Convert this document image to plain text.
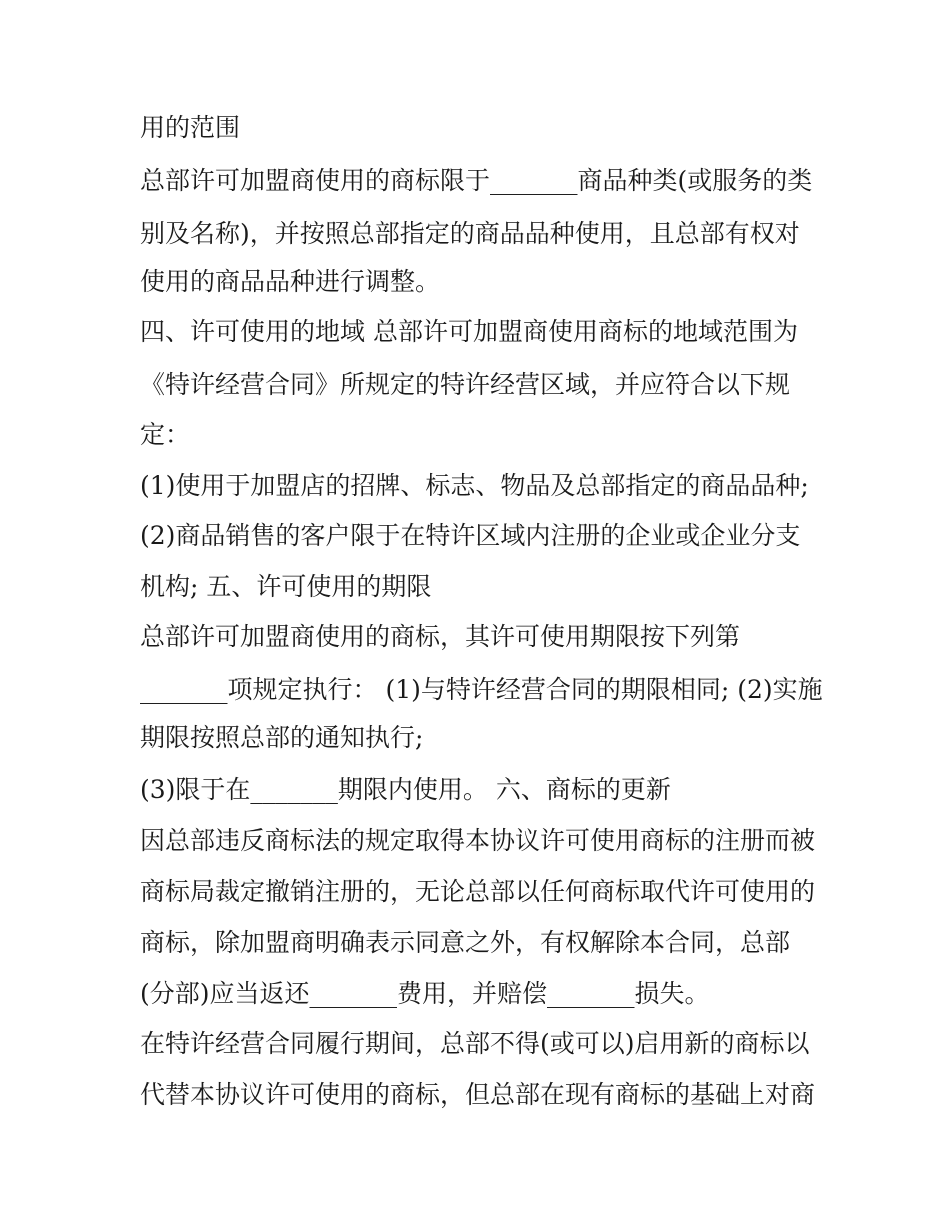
用的范围
总部许可加盟商使用的商标限于_______商品种类(或服务的类
别及名称)，并按照总部指定的商品品种使用，且总部有权对
使用的商品品种进行调整。
四、许可使用的地域 总部许可加盟商使用商标的地域范围为
《特许经营合同》所规定的特许经营区域，并应符合以下规
定：
(1)使用于加盟店的招牌、标志、物品及总部指定的商品品种;
(2)商品销售的客户限于在特许区域内注册的企业或企业分支
机构; 五、许可使用的期限
总部许可加盟商使用的商标，其许可使用期限按下列第
_______项规定执行： (1)与特许经营合同的期限相同; (2)实施
期限按照总部的通知执行;
(3)限于在_______期限内使用。 六、商标的更新
因总部违反商标法的规定取得本协议许可使用商标的注册而被
商标局裁定撤销注册的，无论总部以任何商标取代许可使用的
商标，除加盟商明确表示同意之外，有权解除本合同，总部
(分部)应当返还_______费用，并赔偿_______损失。
在特许经营合同履行期间，总部不得(或可以)启用新的商标以
代替本协议许可使用的商标，但总部在现有商标的基础上对商
